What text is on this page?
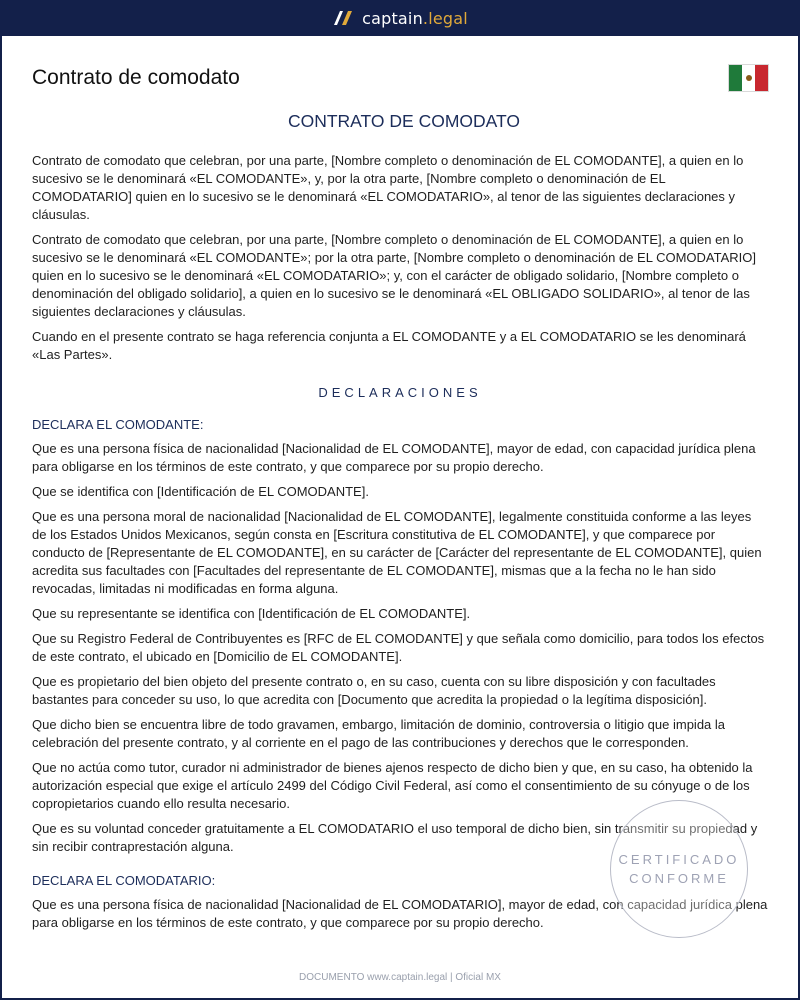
captain.legal
Contrato de comodato
CONTRATO DE COMODATO

Contrato de comodato que celebran, por una parte, [Nombre completo o denominación de EL COMODANTE], a quien en lo sucesivo se le denominará «EL COMODANTE», y, por la otra parte, [Nombre completo o denominación de EL COMODATARIO] quien en lo sucesivo se le denominará «EL COMODATARIO», al tenor de las siguientes declaraciones y cláusulas.

Contrato de comodato que celebran, por una parte, [Nombre completo o denominación de EL COMODANTE], a quien en lo sucesivo se le denominará «EL COMODANTE»; por la otra parte, [Nombre completo o denominación de EL COMODATARIO] quien en lo sucesivo se le denominará «EL COMODATARIO»; y, con el carácter de obligado solidario, [Nombre completo o denominación del obligado solidario], a quien en lo sucesivo se le denominará «EL OBLIGADO SOLIDARIO», al tenor de las siguientes declaraciones y cláusulas.

Cuando en el presente contrato se haga referencia conjunta a EL COMODANTE y a EL COMODATARIO se les denominará «Las Partes».

DECLARACIONES
DECLARA EL COMODANTE:

Que es una persona física de nacionalidad [Nacionalidad de EL COMODANTE], mayor de edad, con capacidad jurídica plena para obligarse en los términos de este contrato, y que comparece por su propio derecho.

Que se identifica con [Identificación de EL COMODANTE].

Que es una persona moral de nacionalidad [Nacionalidad de EL COMODANTE], legalmente constituida conforme a las leyes de los Estados Unidos Mexicanos, según consta en [Escritura constitutiva de EL COMODANTE], y que comparece por conducto de [Representante de EL COMODANTE], en su carácter de [Carácter del representante de EL COMODANTE], quien acredita sus facultades con [Facultades del representante de EL COMODANTE], mismas que a la fecha no le han sido revocadas, limitadas ni modificadas en forma alguna.

Que su representante se identifica con [Identificación de EL COMODANTE].

Que su Registro Federal de Contribuyentes es [RFC de EL COMODANTE] y que señala como domicilio, para todos los efectos de este contrato, el ubicado en [Domicilio de EL COMODANTE].

Que es propietario del bien objeto del presente contrato o, en su caso, cuenta con su libre disposición y con facultades bastantes para conceder su uso, lo que acredita con [Documento que acredita la propiedad o la legítima disposición].

Que dicho bien se encuentra libre de todo gravamen, embargo, limitación de dominio, controversia o litigio que impida la celebración del presente contrato, y al corriente en el pago de las contribuciones y derechos que le corresponden.

Que no actúa como tutor, curador ni administrador de bienes ajenos respecto de dicho bien y que, en su caso, ha obtenido la autorización especial que exige el artículo 2499 del Código Civil Federal, así como el consentimiento de su cónyuge o de los copropietarios cuando ello resulta necesario.

Que es su voluntad conceder gratuitamente a EL COMODATARIO el uso temporal de dicho bien, sin transmitir su propiedad y sin recibir contraprestación alguna.

DECLARA EL COMODATARIO:

Que es una persona física de nacionalidad [Nacionalidad de EL COMODATARIO], mayor de edad, con capacidad jurídica plena para obligarse en los términos de este contrato, y que comparece por su propio derecho.

CERTIFICADO
CONFORME
DOCUMENTO www.captain.legal | Oficial MX
